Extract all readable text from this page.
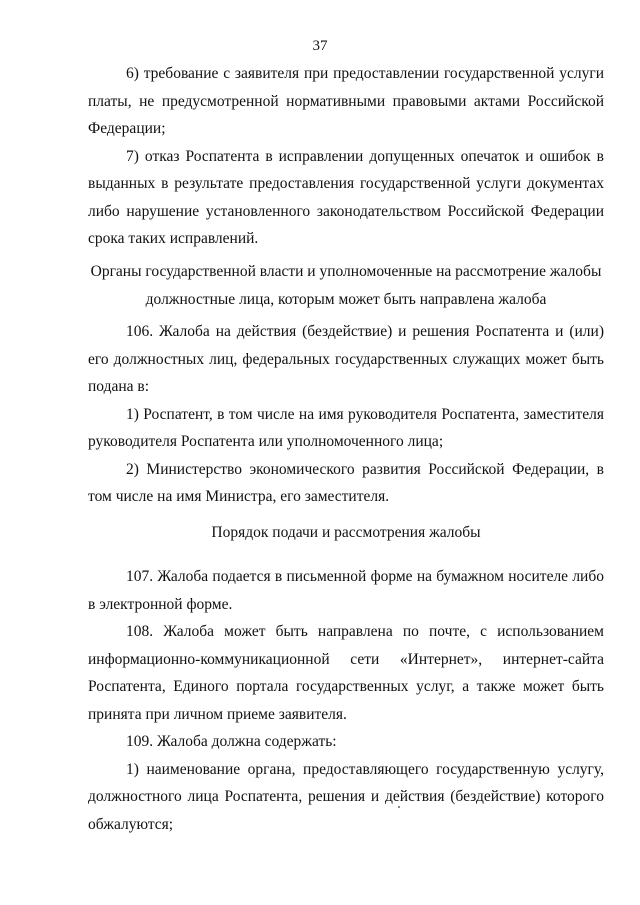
37

6) требование с заявителя при предоставлении государственной услуги платы, не предусмотренной нормативными правовыми актами Российской Федерации;

7) отказ Роспатента в исправлении допущенных опечаток и ошибок в выданных в результате предоставления государственной услуги документах либо нарушение установленного законодательством Российской Федерации срока таких исправлений.

Органы государственной власти и уполномоченные на рассмотрение жалобы должностные лица, которым может быть направлена жалоба

106. Жалоба на действия (бездействие) и решения Роспатента и (или) его должностных лиц, федеральных государственных служащих может быть подана в:

1) Роспатент, в том числе на имя руководителя Роспатента, заместителя руководителя Роспатента или уполномоченного лица;

2) Министерство экономического развития Российской Федерации, в том числе на имя Министра, его заместителя.

Порядок подачи и рассмотрения жалобы

107. Жалоба подается в письменной форме на бумажном носителе либо в электронной форме.

108. Жалоба может быть направлена по почте, с использованием информационно-коммуникационной сети «Интернет», интернет-сайта Роспатента, Единого портала государственных услуг, а также может быть принята при личном приеме заявителя.

109. Жалоба должна содержать:

1) наименование органа, предоставляющего государственную услугу, должностного лица Роспатента, решения и действия (бездействие) которого обжалуются;
